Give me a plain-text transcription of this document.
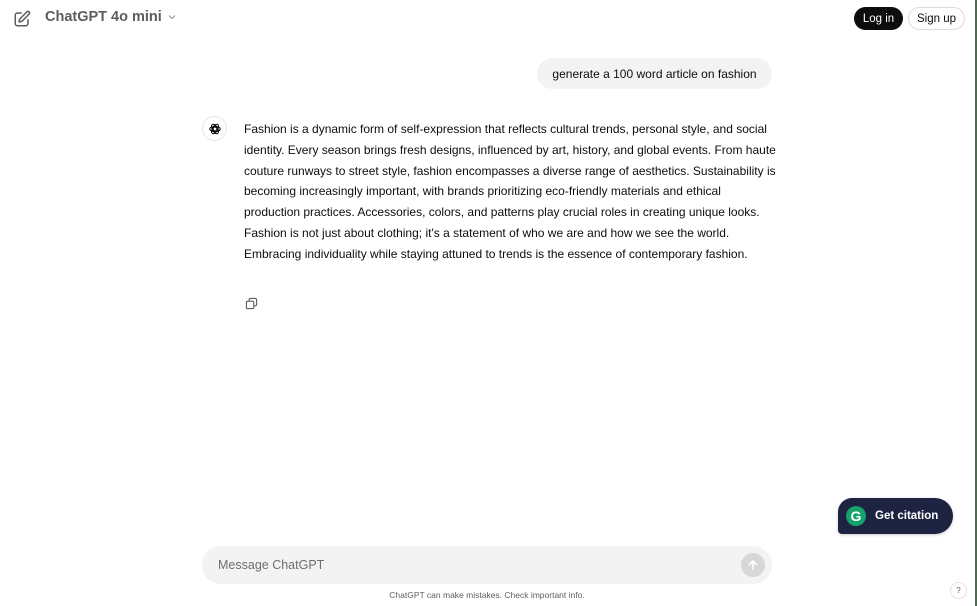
ChatGPT 4o mini	Log in	Sign up
generate a 100 word article on fashion
Fashion is a dynamic form of self-expression that reflects cultural trends, personal style, and social identity. Every season brings fresh designs, influenced by art, history, and global events. From haute couture runways to street style, fashion encompasses a diverse range of aesthetics. Sustainability is becoming increasingly important, with brands prioritizing eco-friendly materials and ethical production practices. Accessories, colors, and patterns play crucial roles in creating unique looks. Fashion is not just about clothing; it's a statement of who we are and how we see the world. Embracing individuality while staying attuned to trends is the essence of contemporary fashion.
G	Get citation
Message ChatGPT
ChatGPT can make mistakes. Check important info.	?
